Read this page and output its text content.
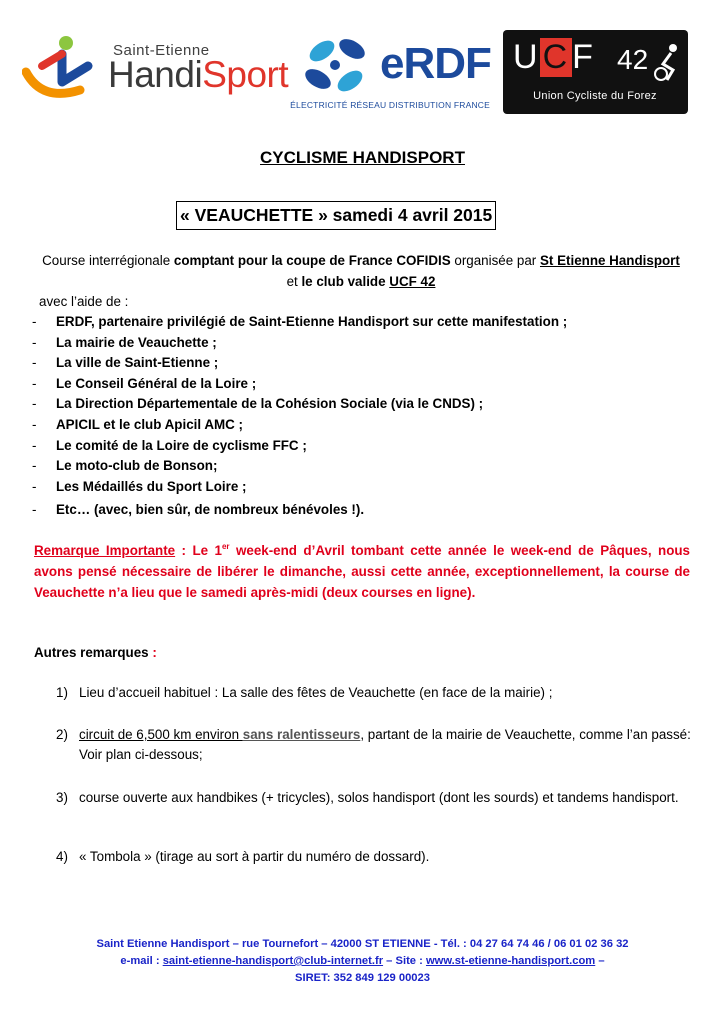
Saint-Etienne
HandiSport eRDF
ÉLECTRICITÉ RÉSEAU DISTRIBUTION FRANCE
UCF 42
Union Cycliste du Forez
CYCLISME HANDISPORT
« VEAUCHETTE » samedi 4 avril 2015
Course interrégionale comptant pour la coupe de France COFIDIS organisée par St Etienne Handisport et le club valide UCF 42
avec l’aide de :
- ERDF, partenaire privilégié de Saint-Etienne Handisport sur cette manifestation ;
- La mairie de Veauchette ;
- La ville de Saint-Etienne ;
- Le Conseil Général de la Loire ;
- La Direction Départementale de la Cohésion Sociale (via le CNDS) ;
- APICIL et le club Apicil AMC ;
- Le comité de la Loire de cyclisme FFC ;
- Le moto-club de Bonson;
- Les Médaillés du Sport Loire ;
- Etc… (avec, bien sûr, de nombreux bénévoles !).
Remarque Importante : Le 1er week-end d’Avril tombant cette année le week-end de Pâques, nous avons pensé nécessaire de libérer le dimanche, aussi cette année, exceptionnellement, la course de Veauchette n’a lieu que le samedi après-midi (deux courses en ligne).
Autres remarques :
1) Lieu d’accueil habituel : La salle des fêtes de Veauchette (en face de la mairie) ;
2) circuit de 6,500 km environ sans ralentisseurs, partant de la mairie de Veauchette, comme l’an passé: Voir plan ci-dessous;
3) course ouverte aux handbikes (+ tricycles), solos handisport (dont les sourds) et tandems handisport.
4) « Tombola » (tirage au sort à partir du numéro de dossard).
Saint Etienne Handisport – rue Tournefort – 42000 ST ETIENNE - Tél. : 04 27 64 74 46 / 06 01 02 36 32
e-mail : saint-etienne-handisport@club-internet.fr – Site : www.st-etienne-handisport.com –
SIRET: 352 849 129 00023
